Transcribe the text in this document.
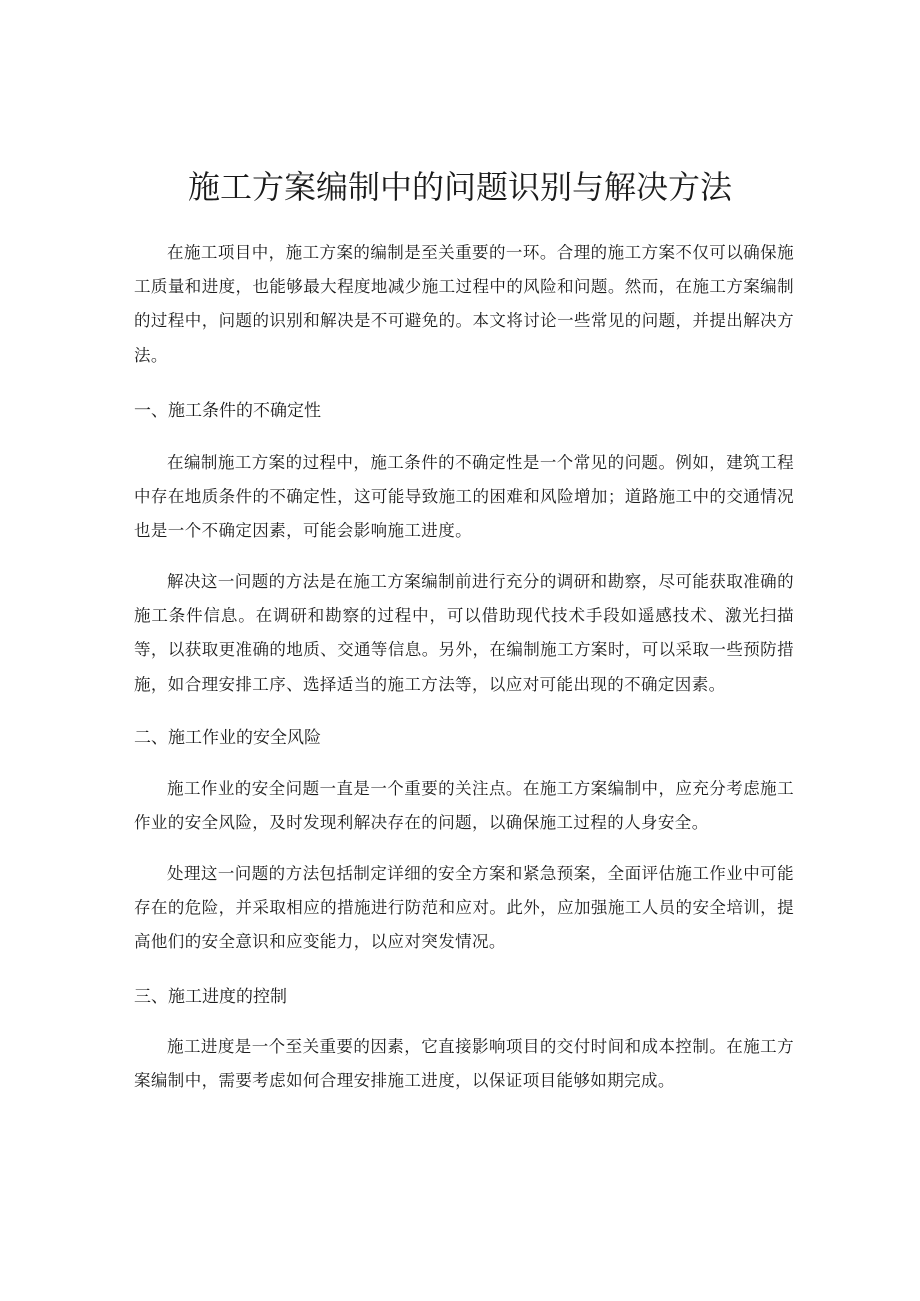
施工方案编制中的问题识别与解决方法

在施工项目中，施工方案的编制是至关重要的一环。合理的施工方案不仅可以确保施工质量和进度，也能够最大程度地减少施工过程中的风险和问题。然而，在施工方案编制的过程中，问题的识别和解决是不可避免的。本文将讨论一些常见的问题，并提出解决方法。

一、施工条件的不确定性

在编制施工方案的过程中，施工条件的不确定性是一个常见的问题。例如，建筑工程中存在地质条件的不确定性，这可能导致施工的困难和风险增加；道路施工中的交通情况也是一个不确定因素，可能会影响施工进度。

解决这一问题的方法是在施工方案编制前进行充分的调研和勘察，尽可能获取准确的施工条件信息。在调研和勘察的过程中，可以借助现代技术手段如遥感技术、激光扫描等，以获取更准确的地质、交通等信息。另外，在编制施工方案时，可以采取一些预防措施，如合理安排工序、选择适当的施工方法等，以应对可能出现的不确定因素。

二、施工作业的安全风险

施工作业的安全问题一直是一个重要的关注点。在施工方案编制中，应充分考虑施工作业的安全风险，及时发现利解决存在的问题，以确保施工过程的人身安全。

处理这一问题的方法包括制定详细的安全方案和紧急预案，全面评估施工作业中可能存在的危险，并采取相应的措施进行防范和应对。此外，应加强施工人员的安全培训，提高他们的安全意识和应变能力，以应对突发情况。

三、施工进度的控制

施工进度是一个至关重要的因素，它直接影响项目的交付时间和成本控制。在施工方案编制中，需要考虑如何合理安排施工进度，以保证项目能够如期完成。
